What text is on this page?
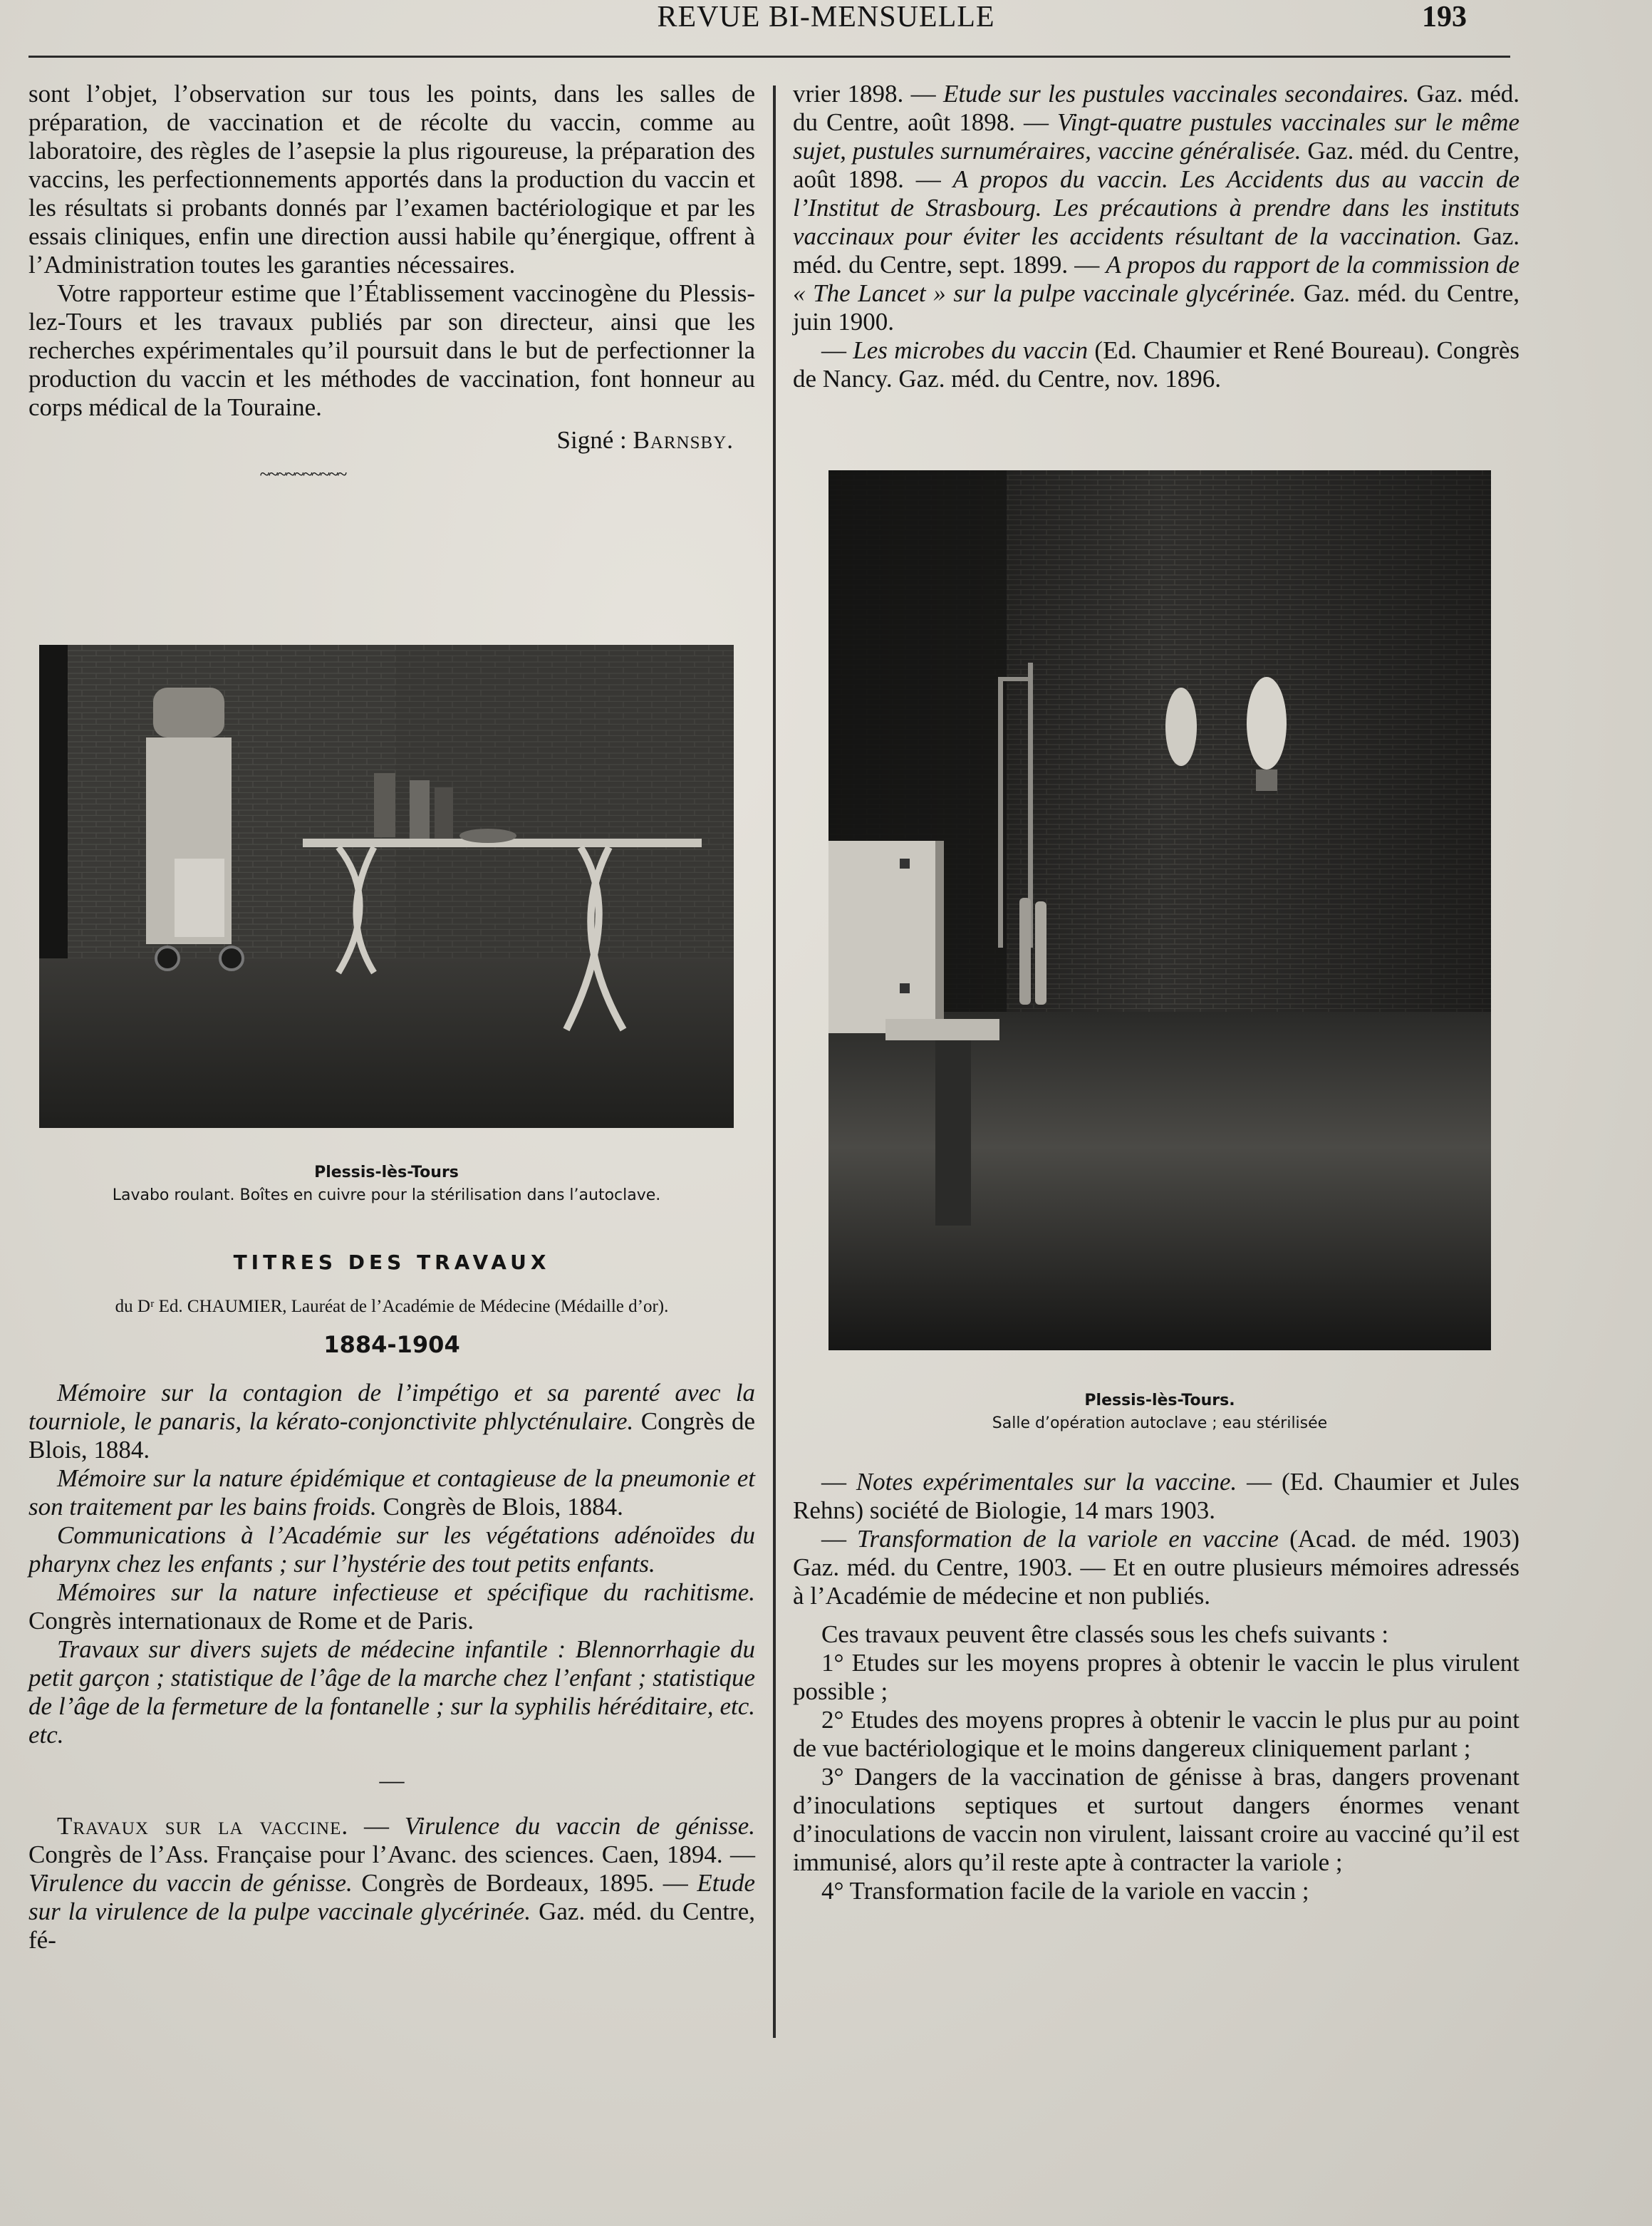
REVUE BI-MENSUELLE	193

sont l’objet, l’observation sur tous les points, dans les salles de préparation, de vaccination et de récolte du vaccin, comme au laboratoire, des règles de l’asepsie la plus rigoureuse, la préparation des vaccins, les perfectionnements apportés dans la production du vaccin et les résultats si probants donnés par l’examen bactériologique et par les essais cliniques, enfin une direction aussi habile qu’énergique, offrent à l’Administration toutes les garanties nécessaires.

Votre rapporteur estime que l’Établissement vaccinogène du Plessis-lez-Tours et les travaux publiés par son directeur, ainsi que les recherches expérimentales qu’il poursuit dans le but de perfectionner la production du vaccin et les méthodes de vaccination, font honneur au corps médical de la Touraine.

Signé : Barnsby.

~~~~~~~~~~

Plessis-lès-Tours
Lavabo roulant. Boîtes en cuivre pour la stérilisation dans l’autoclave.
TITRES DES TRAVAUX
du Dʳ Ed. CHAUMIER, Lauréat de l’Académie de Médecine (Médaille d’or).
1884-1904

Mémoire sur la contagion de l’impétigo et sa parenté avec la tourniole, le panaris, la kérato-conjonctivite phlycténulaire. Congrès de Blois, 1884.

Mémoire sur la nature épidémique et contagieuse de la pneumonie et son traitement par les bains froids. Congrès de Blois, 1884.

Communications à l’Académie sur les végétations adénoïdes du pharynx chez les enfants ; sur l’hystérie des tout petits enfants.

Mémoires sur la nature infectieuse et spécifique du rachitisme. Congrès internationaux de Rome et de Paris.

Travaux sur divers sujets de médecine infantile : Blennorrhagie du petit garçon ; statistique de l’âge de la marche chez l’enfant ; statistique de l’âge de la fermeture de la fontanelle ; sur la syphilis héréditaire, etc. etc.

—

Travaux sur la vaccine. — Virulence du vaccin de génisse. Congrès de l’Ass. Française pour l’Avanc. des sciences. Caen, 1894. — Virulence du vaccin de génisse. Congrès de Bordeaux, 1895. — Etude sur la virulence de la pulpe vaccinale glycérinée. Gaz. méd. du Centre, fé-

vrier 1898. — Etude sur les pustules vaccinales secondaires. Gaz. méd. du Centre, août 1898. — Vingt-quatre pustules vaccinales sur le même sujet, pustules surnuméraires, vaccine généralisée. Gaz. méd. du Centre, août 1898. — A propos du vaccin. Les Accidents dus au vaccin de l’Institut de Strasbourg. Les précautions à prendre dans les instituts vaccinaux pour éviter les accidents résultant de la vaccination. Gaz. méd. du Centre, sept. 1899. — A propos du rapport de la commission de « The Lancet » sur la pulpe vaccinale glycérinée. Gaz. méd. du Centre, juin 1900.

— Les microbes du vaccin (Ed. Chaumier et René Boureau). Congrès de Nancy. Gaz. méd. du Centre, nov. 1896.

Plessis-lès-Tours.
Salle d’opération autoclave ; eau stérilisée

— Notes expérimentales sur la vaccine. — (Ed. Chaumier et Jules Rehns) société de Biologie, 14 mars 1903.

— Transformation de la variole en vaccine (Acad. de méd. 1903) Gaz. méd. du Centre, 1903. — Et en outre plusieurs mémoires adressés à l’Académie de médecine et non publiés.

Ces travaux peuvent être classés sous les chefs suivants :

1° Etudes sur les moyens propres à obtenir le vaccin le plus virulent possible ;

2° Etudes des moyens propres à obtenir le vaccin le plus pur au point de vue bactériologique et le moins dangereux cliniquement parlant ;

3° Dangers de la vaccination de génisse à bras, dangers provenant d’inoculations septiques et surtout dangers énormes venant d’inoculations de vaccin non virulent, laissant croire au vacciné qu’il est immunisé, alors qu’il reste apte à contracter la variole ;

4° Transformation facile de la variole en vaccin ;
